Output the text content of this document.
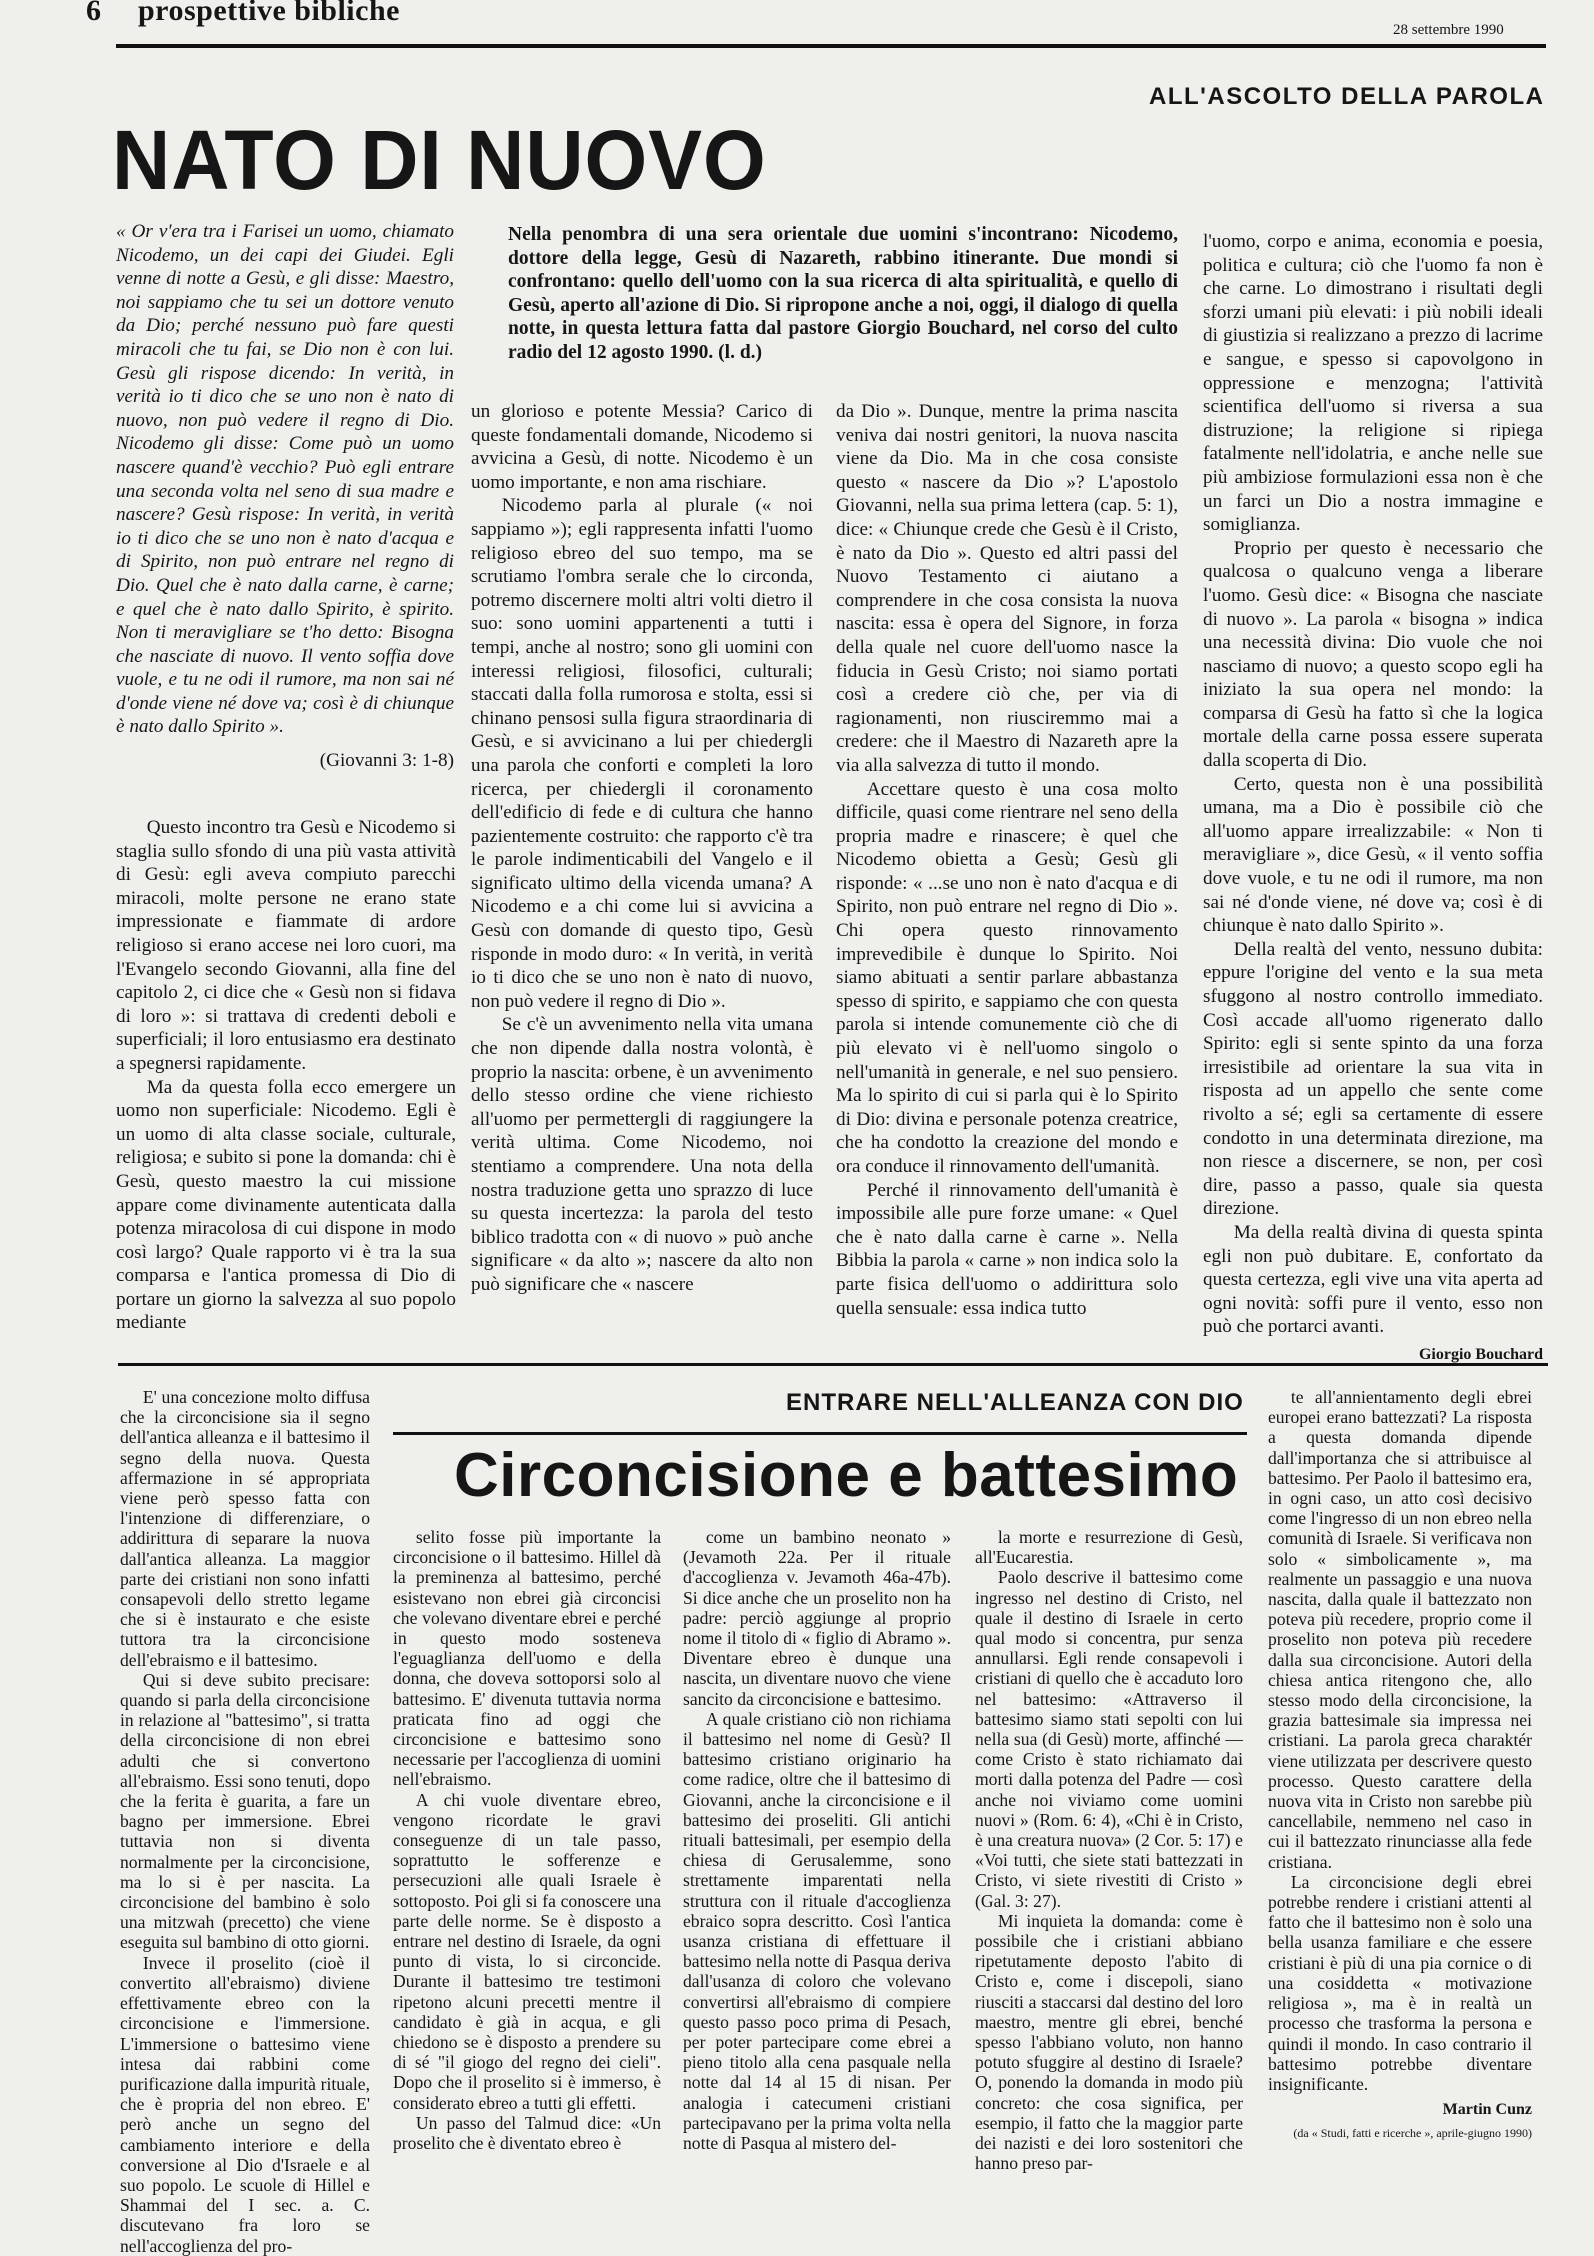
6 prospettive bibliche
28 settembre 1990
ALL'ASCOLTO DELLA PAROLA
NATO DI NUOVO

« Or v'era tra i Farisei un uomo, chiamato Nicodemo, un dei capi dei Giudei. Egli venne di notte a Gesù, e gli disse: Maestro, noi sappiamo che tu sei un dottore venuto da Dio; perché nessuno può fare questi miracoli che tu fai, se Dio non è con lui. Gesù gli rispose dicendo: In verità, in verità io ti dico che se uno non è nato di nuovo, non può vedere il regno di Dio. Nicodemo gli disse: Come può un uomo nascere quand'è vecchio? Può egli entrare una seconda volta nel seno di sua madre e nascere? Gesù rispose: In verità, in verità io ti dico che se uno non è nato d'acqua e di Spirito, non può entrare nel regno di Dio. Quel che è nato dalla carne, è carne; e quel che è nato dallo Spirito, è spirito. Non ti meravigliare se t'ho detto: Bisogna che nasciate di nuovo. Il vento soffia dove vuole, e tu ne odi il rumore, ma non sai né d'onde viene né dove va; così è di chiunque è nato dallo Spirito ».

(Giovanni 3: 1-8)
Nella penombra di una sera orientale due uomini s'incontrano: Nicodemo, dottore della legge, Gesù di Nazareth, rabbino itinerante. Due mondi si confrontano: quello dell'uomo con la sua ricerca di alta spiritualità, e quello di Gesù, aperto all'azione di Dio. Si ripropone anche a noi, oggi, il dialogo di quella notte, in questa lettura fatta dal pastore Giorgio Bouchard, nel corso del culto radio del 12 agosto 1990. (l. d.)

Questo incontro tra Gesù e Nicodemo si staglia sullo sfondo di una più vasta attività di Gesù: egli aveva compiuto parecchi miracoli, molte persone ne erano state impressionate e fiammate di ardore religioso si erano accese nei loro cuori, ma l'Evangelo secondo Giovanni, alla fine del capitolo 2, ci dice che « Gesù non si fidava di loro »: si trattava di credenti deboli e superficiali; il loro entusiasmo era destinato a spegnersi rapidamente.

Ma da questa folla ecco emergere un uomo non superficiale: Nicodemo. Egli è un uomo di alta classe sociale, culturale, religiosa; e subito si pone la domanda: chi è Gesù, questo maestro la cui missione appare come divinamente autenticata dalla potenza miracolosa di cui dispone in modo così largo? Quale rapporto vi è tra la sua comparsa e l'antica promessa di Dio di portare un giorno la salvezza al suo popolo mediante

un glorioso e potente Messia? Carico di queste fondamentali domande, Nicodemo si avvicina a Gesù, di notte. Nicodemo è un uomo importante, e non ama rischiare.

Nicodemo parla al plurale (« noi sappiamo »); egli rappresenta infatti l'uomo religioso ebreo del suo tempo, ma se scrutiamo l'ombra serale che lo circonda, potremo discernere molti altri volti dietro il suo: sono uomini appartenenti a tutti i tempi, anche al nostro; sono gli uomini con interessi religiosi, filosofici, culturali; staccati dalla folla rumorosa e stolta, essi si chinano pensosi sulla figura straordinaria di Gesù, e si avvicinano a lui per chiedergli una parola che conforti e completi la loro ricerca, per chiedergli il coronamento dell'edificio di fede e di cultura che hanno pazientemente costruito: che rapporto c'è tra le parole indimenticabili del Vangelo e il significato ultimo della vicenda umana? A Nicodemo e a chi come lui si avvicina a Gesù con domande di questo tipo, Gesù risponde in modo duro: « In verità, in verità io ti dico che se uno non è nato di nuovo, non può vedere il regno di Dio ».

Se c'è un avvenimento nella vita umana che non dipende dalla nostra volontà, è proprio la nascita: orbene, è un avvenimento dello stesso ordine che viene richiesto all'uomo per permettergli di raggiungere la verità ultima. Come Nicodemo, noi stentiamo a comprendere. Una nota della nostra traduzione getta uno sprazzo di luce su questa incertezza: la parola del testo biblico tradotta con « di nuovo » può anche significare « da alto »; nascere da alto non può significare che « nascere

da Dio ». Dunque, mentre la prima nascita veniva dai nostri genitori, la nuova nascita viene da Dio. Ma in che cosa consiste questo « nascere da Dio »? L'apostolo Giovanni, nella sua prima lettera (cap. 5: 1), dice: « Chiunque crede che Gesù è il Cristo, è nato da Dio ». Questo ed altri passi del Nuovo Testamento ci aiutano a comprendere in che cosa consista la nuova nascita: essa è opera del Signore, in forza della quale nel cuore dell'uomo nasce la fiducia in Gesù Cristo; noi siamo portati così a credere ciò che, per via di ragionamenti, non riusciremmo mai a credere: che il Maestro di Nazareth apre la via alla salvezza di tutto il mondo.

Accettare questo è una cosa molto difficile, quasi come rientrare nel seno della propria madre e rinascere; è quel che Nicodemo obietta a Gesù; Gesù gli risponde: « ...se uno non è nato d'acqua e di Spirito, non può entrare nel regno di Dio ». Chi opera questo rinnovamento imprevedibile è dunque lo Spirito. Noi siamo abituati a sentir parlare abbastanza spesso di spirito, e sappiamo che con questa parola si intende comunemente ciò che di più elevato vi è nell'uomo singolo o nell'umanità in generale, e nel suo pensiero. Ma lo spirito di cui si parla qui è lo Spirito di Dio: divina e personale potenza creatrice, che ha condotto la creazione del mondo e ora conduce il rinnovamento dell'umanità.

Perché il rinnovamento dell'umanità è impossibile alle pure forze umane: « Quel che è nato dalla carne è carne ». Nella Bibbia la parola « carne » non indica solo la parte fisica dell'uomo o addirittura solo quella sensuale: essa indica tutto

l'uomo, corpo e anima, economia e poesia, politica e cultura; ciò che l'uomo fa non è che carne. Lo dimostrano i risultati degli sforzi umani più elevati: i più nobili ideali di giustizia si realizzano a prezzo di lacrime e sangue, e spesso si capovolgono in oppressione e menzogna; l'attività scientifica dell'uomo si riversa a sua distruzione; la religione si ripiega fatalmente nell'idolatria, e anche nelle sue più ambiziose formulazioni essa non è che un farci un Dio a nostra immagine e somiglianza.

Proprio per questo è necessario che qualcosa o qualcuno venga a liberare l'uomo. Gesù dice: « Bisogna che nasciate di nuovo ». La parola « bisogna » indica una necessità divina: Dio vuole che noi nasciamo di nuovo; a questo scopo egli ha iniziato la sua opera nel mondo: la comparsa di Gesù ha fatto sì che la logica mortale della carne possa essere superata dalla scoperta di Dio.

Certo, questa non è una possibilità umana, ma a Dio è possibile ciò che all'uomo appare irrealizzabile: « Non ti meravigliare », dice Gesù, « il vento soffia dove vuole, e tu ne odi il rumore, ma non sai né d'onde viene, né dove va; così è di chiunque è nato dallo Spirito ».

Della realtà del vento, nessuno dubita: eppure l'origine del vento e la sua meta sfuggono al nostro controllo immediato. Così accade all'uomo rigenerato dallo Spirito: egli si sente spinto da una forza irresistibile ad orientare la sua vita in risposta ad un appello che sente come rivolto a sé; egli sa certamente di essere condotto in una determinata direzione, ma non riesce a discernere, se non, per così dire, passo a passo, quale sia questa direzione.

Ma della realtà divina di questa spinta egli non può dubitare. E, confortato da questa certezza, egli vive una vita aperta ad ogni novità: soffi pure il vento, esso non può che portarci avanti.

Giorgio Bouchard

E' una concezione molto diffusa che la circoncisione sia il segno dell'antica alleanza e il battesimo il segno della nuova. Questa affermazione in sé appropriata viene però spesso fatta con l'intenzione di differenziare, o addirittura di separare la nuova dall'antica alleanza. La maggior parte dei cristiani non sono infatti consapevoli dello stretto legame che si è instaurato e che esiste tuttora tra la circoncisione dell'ebraismo e il battesimo.

Qui si deve subito precisare: quando si parla della circoncisione in relazione al "battesimo", si tratta della circoncisione di non ebrei adulti che si convertono all'ebraismo. Essi sono tenuti, dopo che la ferita è guarita, a fare un bagno per immersione. Ebrei tuttavia non si diventa normalmente per la circoncisione, ma lo si è per nascita. La circoncisione del bambino è solo una mitzwah (precetto) che viene eseguita sul bambino di otto giorni.

Invece il proselito (cioè il convertito all'ebraismo) diviene effettivamente ebreo con la circoncisione e l'immersione. L'immersione o battesimo viene intesa dai rabbini come purificazione dalla impurità rituale, che è propria del non ebreo. E' però anche un segno del cambiamento interiore e della conversione al Dio d'Israele e al suo popolo. Le scuole di Hillel e Shammai del I sec. a. C. discutevano fra loro se nell'accoglienza del pro-

ENTRARE NELL'ALLEANZA CON DIO
Circoncisione e battesimo

selito fosse più importante la circoncisione o il battesimo. Hillel dà la preminenza al battesimo, perché esistevano non ebrei già circoncisi che volevano diventare ebrei e perché in questo modo sosteneva l'eguaglianza dell'uomo e della donna, che doveva sottoporsi solo al battesimo. E' divenuta tuttavia norma praticata fino ad oggi che circoncisione e battesimo sono necessarie per l'accoglienza di uomini nell'ebraismo.

A chi vuole diventare ebreo, vengono ricordate le gravi conseguenze di un tale passo, soprattutto le sofferenze e persecuzioni alle quali Israele è sottoposto. Poi gli si fa conoscere una parte delle norme. Se è disposto a entrare nel destino di Israele, da ogni punto di vista, lo si circoncide. Durante il battesimo tre testimoni ripetono alcuni precetti mentre il candidato è già in acqua, e gli chiedono se è disposto a prendere su di sé "il giogo del regno dei cieli". Dopo che il proselito si è immerso, è considerato ebreo a tutti gli effetti.

Un passo del Talmud dice: «Un proselito che è diventato ebreo è

come un bambino neonato » (Jevamoth 22a. Per il rituale d'accoglienza v. Jevamoth 46a-47b). Si dice anche che un proselito non ha padre: perciò aggiunge al proprio nome il titolo di « figlio di Abramo ». Diventare ebreo è dunque una nascita, un diventare nuovo che viene sancito da circoncisione e battesimo.

A quale cristiano ciò non richiama il battesimo nel nome di Gesù? Il battesimo cristiano originario ha come radice, oltre che il battesimo di Giovanni, anche la circoncisione e il battesimo dei proseliti. Gli antichi rituali battesimali, per esempio della chiesa di Gerusalemme, sono strettamente imparentati nella struttura con il rituale d'accoglienza ebraico sopra descritto. Così l'antica usanza cristiana di effettuare il battesimo nella notte di Pasqua deriva dall'usanza di coloro che volevano convertirsi all'ebraismo di compiere questo passo poco prima di Pesach, per poter partecipare come ebrei a pieno titolo alla cena pasquale nella notte dal 14 al 15 di nisan. Per analogia i catecumeni cristiani partecipavano per la prima volta nella notte di Pasqua al mistero del-

la morte e resurrezione di Gesù, all'Eucarestia.

Paolo descrive il battesimo come ingresso nel destino di Cristo, nel quale il destino di Israele in certo qual modo si concentra, pur senza annullarsi. Egli rende consapevoli i cristiani di quello che è accaduto loro nel battesimo: «Attraverso il battesimo siamo stati sepolti con lui nella sua (di Gesù) morte, affinché — come Cristo è stato richiamato dai morti dalla potenza del Padre — così anche noi viviamo come uomini nuovi » (Rom. 6: 4), «Chi è in Cristo, è una creatura nuova» (2 Cor. 5: 17) e «Voi tutti, che siete stati battezzati in Cristo, vi siete rivestiti di Cristo » (Gal. 3: 27).

Mi inquieta la domanda: come è possibile che i cristiani abbiano ripetutamente deposto l'abito di Cristo e, come i discepoli, siano riusciti a staccarsi dal destino del loro maestro, mentre gli ebrei, benché spesso l'abbiano voluto, non hanno potuto sfuggire al destino di Israele? O, ponendo la domanda in modo più concreto: che cosa significa, per esempio, il fatto che la maggior parte dei nazisti e dei loro sostenitori che hanno preso par-

te all'annientamento degli ebrei europei erano battezzati? La risposta a questa domanda dipende dall'importanza che si attribuisce al battesimo. Per Paolo il battesimo era, in ogni caso, un atto così decisivo come l'ingresso di un non ebreo nella comunità di Israele. Si verificava non solo « simbolicamente », ma realmente un passaggio e una nuova nascita, dalla quale il battezzato non poteva più recedere, proprio come il proselito non poteva più recedere dalla sua circoncisione. Autori della chiesa antica ritengono che, allo stesso modo della circoncisione, la grazia battesimale sia impressa nei cristiani. La parola greca charaktér viene utilizzata per descrivere questo processo. Questo carattere della nuova vita in Cristo non sarebbe più cancellabile, nemmeno nel caso in cui il battezzato rinunciasse alla fede cristiana.

La circoncisione degli ebrei potrebbe rendere i cristiani attenti al fatto che il battesimo non è solo una bella usanza familiare e che essere cristiani è più di una pia cornice o di una cosiddetta « motivazione religiosa », ma è in realtà un processo che trasforma la persona e quindi il mondo. In caso contrario il battesimo potrebbe diventare insignificante.

Martin Cunz
(da « Studi, fatti e ricerche », aprile-giugno 1990)
